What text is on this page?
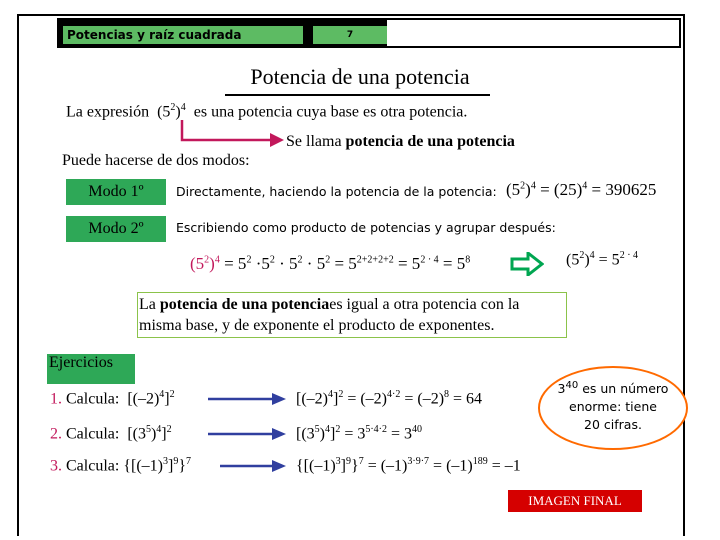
Potencias y raíz cuadrada	7
Potencia de una potencia
La expresión $(5^2)^4$ es una potencia cuya base es otra potencia.
Se llama potencia de una potencia
Puede hacerse de dos modos:
Modo 1º	Directamente, haciendo la potencia de la potencia: $(5^2)^4 = (25)^4 = 390625$
Modo 2º	Escribiendo como producto de potencias y agrupar después:
$(5^2)^4 = 5^2 \cdot 5^2 \cdot 5^2 \cdot 5^2 = 5^{2+2+2+2} = 5^{2 \cdot 4} = 5^8$	$(5^2)^4 = 5^{2 \cdot 4}$
La potencia de una potenciaes igual a otra potencia con la misma base, y de exponente el producto de exponentes.
Ejercicios
1. Calcula: $[(-2)^4]^2$	$[(-2)^4]^2 = (-2)^{4\cdot 2} = (-2)^8 = 64$
2. Calcula: $[(3^5)^4]^2$	$[(3^5)^4]^2 = 3^{5\cdot 4\cdot 2} = 3^{40}$
3. Calcula: $\{[(-1)^3]^9\}^7$	$\{[(-1)^3]^9\}^7 = (-1)^{3\cdot 9\cdot 7} = (-1)^{189} = -1$
$3^{40}$ es un número
enorme: tiene
20 cifras.
IMAGEN FINAL
